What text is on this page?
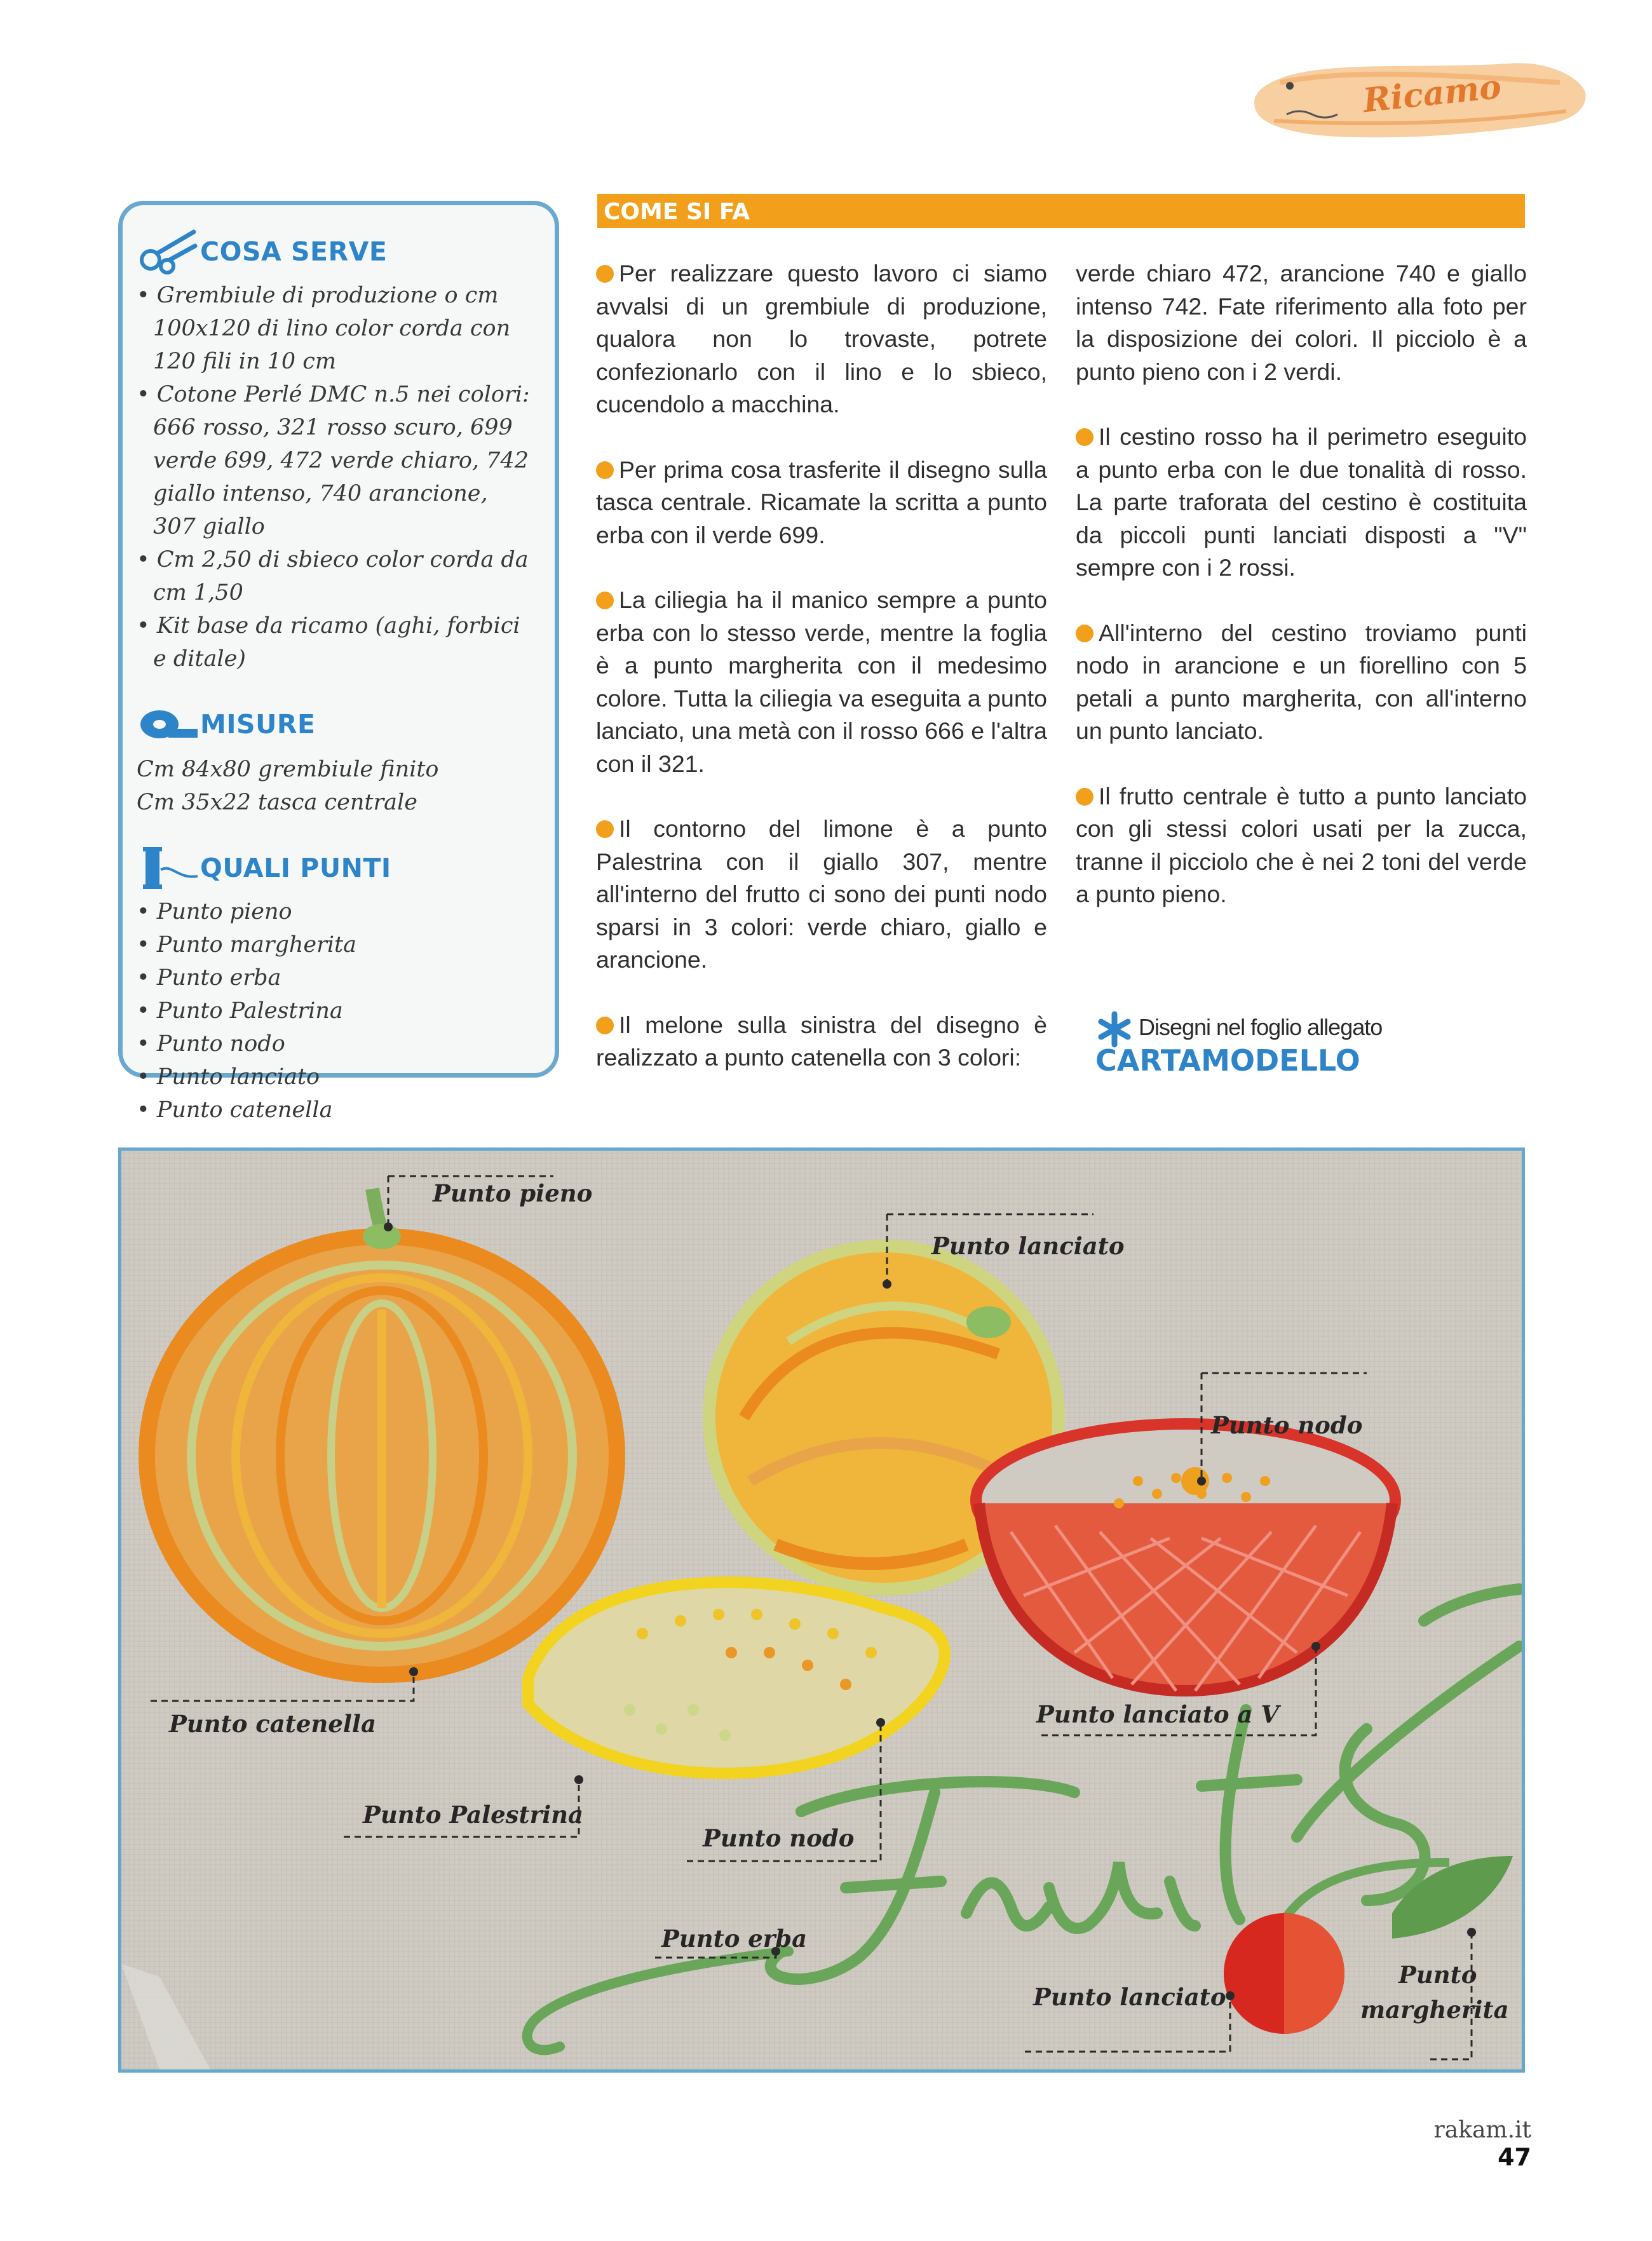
Ricamo
COSA SERVE
• Grembiule di produzione o cm 100x120 di lino color corda con 120 fili in 10 cm
• Cotone Perlé DMC n.5 nei colori: 666 rosso, 321 rosso scuro, 699 verde 699, 472 verde chiaro, 742 giallo intenso, 740 arancione, 307 giallo
• Cm 2,50 di sbieco color corda da cm 1,50
• Kit base da ricamo (aghi, forbici e ditale)
MISURE
Cm 84x80 grembiule finito
Cm 35x22 tasca centrale
QUALI PUNTI
• Punto pieno
• Punto margherita
• Punto erba
• Punto Palestrina
• Punto nodo
• Punto lanciato
• Punto catenella
COME SI FA

Per realizzare questo lavoro ci siamo avvalsi di un grembiule di produzione, qualora non lo trovaste, potrete confezionarlo con il lino e lo sbieco, cucendolo a macchina.

Per prima cosa trasferite il disegno sulla tasca centrale. Ricamate la scritta a punto erba con il verde 699.

La ciliegia ha il manico sempre a punto erba con lo stesso verde, mentre la foglia è a punto margherita con il medesimo colore. Tutta la ciliegia va eseguita a punto lanciato, una metà con il rosso 666 e l'altra con il 321.

Il contorno del limone è a punto Palestrina con il giallo 307, mentre all'interno del frutto ci sono dei punti nodo sparsi in 3 colori: verde chiaro, giallo e arancione.

Il melone sulla sinistra del disegno è realizzato a punto catenella con 3 colori:

verde chiaro 472, arancione 740 e giallo intenso 742. Fate riferimento alla foto per la disposizione dei colori. Il picciolo è a punto pieno con i 2 verdi.

Il cestino rosso ha il perimetro eseguito a punto erba con le due tonalità di rosso. La parte traforata del cestino è costituita da piccoli punti lanciati disposti a "V" sempre con i 2 rossi.

All'interno del cestino troviamo punti nodo in arancione e un fiorellino con 5 petali a punto margherita, con all'interno un punto lanciato.

Il frutto centrale è tutto a punto lanciato con gli stessi colori usati per la zucca, tranne il picciolo che è nei 2 toni del verde a punto pieno.

Disegni nel foglio allegato
CARTAMODELLO
Punto pieno
Punto lanciato
Punto nodo
Punto catenella	Punto lanciato a V
Punto Palestrina
Punto nodo
Punto erba
Punto lanciato
Punto
margherita
rakam.it 47
